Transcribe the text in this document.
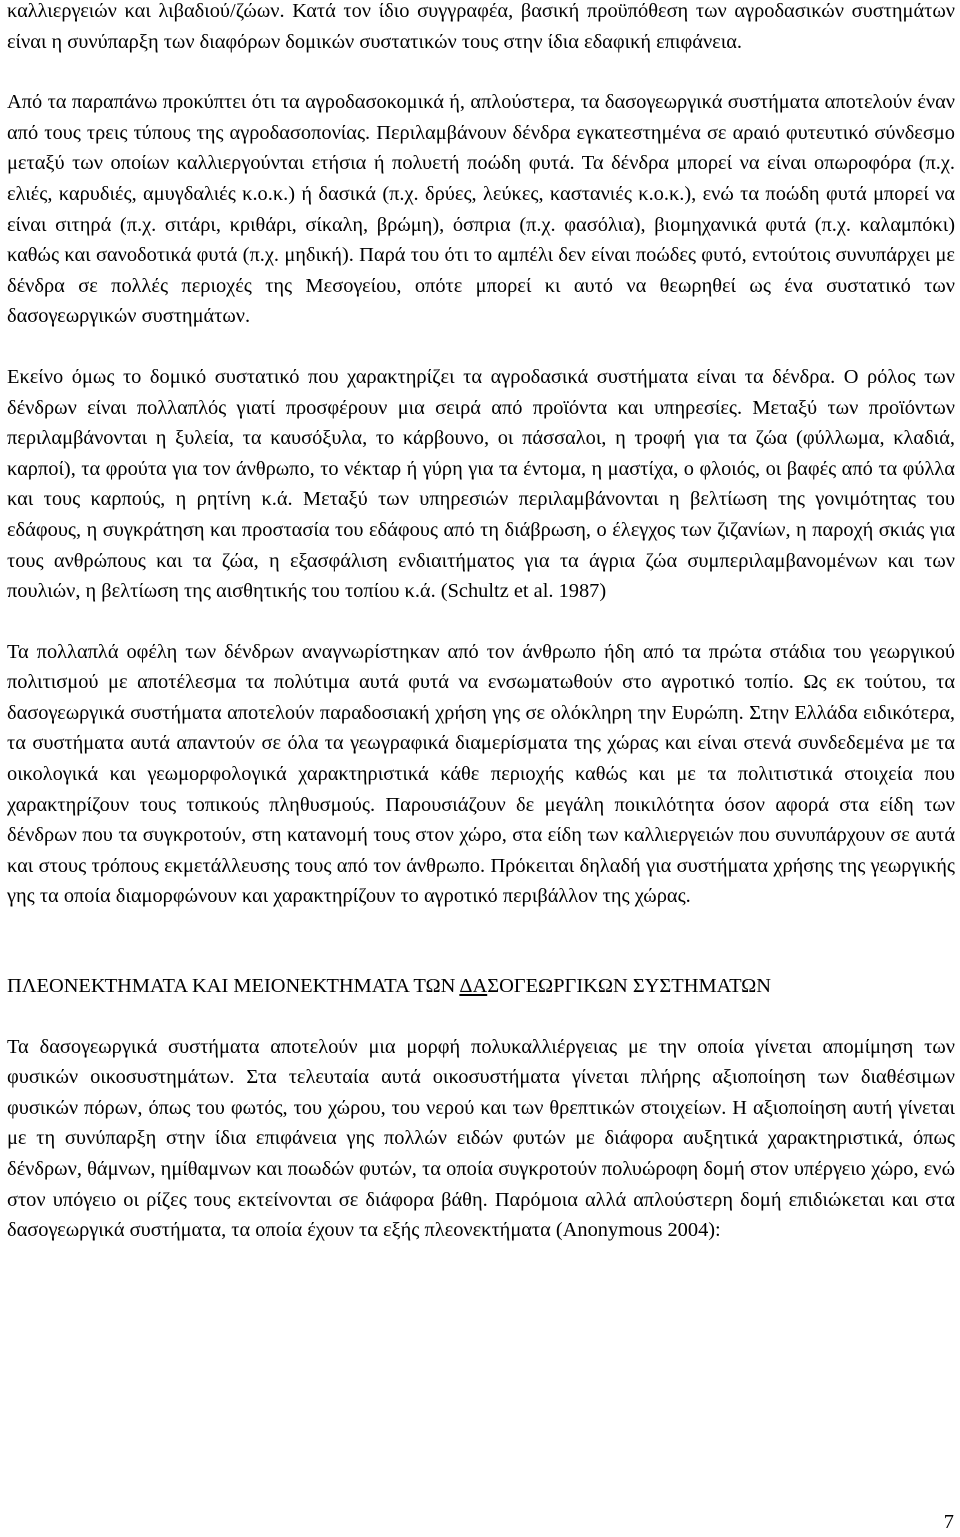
καλλιεργειών και λιβαδιού/ζώων. Κατά τον ίδιο συγγραφέα, βασική προϋπόθεση των αγροδασικών συστημάτων είναι η συνύπαρξη των διαφόρων δομικών συστατικών τους στην ίδια εδαφική επιφάνεια.

Από τα παραπάνω προκύπτει ότι τα αγροδασοκομικά ή, απλούστερα, τα δασογεωργικά συστήματα αποτελούν έναν από τους τρεις τύπους της αγροδασοπονίας. Περιλαμβάνουν δένδρα εγκατεστημένα σε αραιό φυτευτικό σύνδεσμο μεταξύ των οποίων καλλιεργούνται ετήσια ή πολυετή ποώδη φυτά. Τα δένδρα μπορεί να είναι οπωροφόρα (π.χ. ελιές, καρυδιές, αμυγδαλιές κ.ο.κ.) ή δασικά (π.χ. δρύες, λεύκες, καστανιές κ.ο.κ.), ενώ τα ποώδη φυτά μπορεί να είναι σιτηρά (π.χ. σιτάρι, κριθάρι, σίκαλη, βρώμη), όσπρια (π.χ. φασόλια), βιομηχανικά φυτά (π.χ. καλαμπόκι) καθώς και σανοδοτικά φυτά (π.χ. μηδική). Παρά του ότι το αμπέλι δεν είναι ποώδες φυτό, εντούτοις συνυπάρχει με δένδρα σε πολλές περιοχές της Μεσογείου, οπότε μπορεί κι αυτό να θεωρηθεί ως ένα συστατικό των δασογεωργικών συστημάτων.

Εκείνο όμως το δομικό συστατικό που χαρακτηρίζει τα αγροδασικά συστήματα είναι τα δένδρα. Ο ρόλος των δένδρων είναι πολλαπλός γιατί προσφέρουν μια σειρά από προϊόντα και υπηρεσίες. Μεταξύ των προϊόντων περιλαμβάνονται η ξυλεία, τα καυσόξυλα, το κάρβουνο, οι πάσσαλοι, η τροφή για τα ζώα (φύλλωμα, κλαδιά, καρποί), τα φρούτα για τον άνθρωπο, το νέκταρ ή γύρη για τα έντομα, η μαστίχα, ο φλοιός, οι βαφές από τα φύλλα και τους καρπούς, η ρητίνη κ.ά. Μεταξύ των υπηρεσιών περιλαμβάνονται η βελτίωση της γονιμότητας του εδάφους, η συγκράτηση και προστασία του εδάφους από τη διάβρωση, ο έλεγχος των ζιζανίων, η παροχή σκιάς για τους ανθρώπους και τα ζώα, η εξασφάλιση ενδιαιτήματος για τα άγρια ζώα συμπεριλαμβανομένων και των πουλιών, η βελτίωση της αισθητικής του τοπίου κ.ά. (Schultz et al. 1987)

Τα πολλαπλά οφέλη των δένδρων αναγνωρίστηκαν από τον άνθρωπο ήδη από τα πρώτα στάδια του γεωργικού πολιτισμού με αποτέλεσμα τα πολύτιμα αυτά φυτά να ενσωματωθούν στο αγροτικό τοπίο. Ως εκ τούτου, τα δασογεωργικά συστήματα αποτελούν παραδοσιακή χρήση γης σε ολόκληρη την Ευρώπη. Στην Ελλάδα ειδικότερα, τα συστήματα αυτά απαντούν σε όλα τα γεωγραφικά διαμερίσματα της χώρας και είναι στενά συνδεδεμένα με τα οικολογικά και γεωμορφολογικά χαρακτηριστικά κάθε περιοχής καθώς και με τα πολιτιστικά στοιχεία που χαρακτηρίζουν τους τοπικούς πληθυσμούς. Παρουσιάζουν δε μεγάλη ποικιλότητα όσον αφορά στα είδη των δένδρων που τα συγκροτούν, στη κατανομή τους στον χώρο, στα είδη των καλλιεργειών που συνυπάρχουν σε αυτά και στους τρόπους εκμετάλλευσης τους από τον άνθρωπο. Πρόκειται δηλαδή για συστήματα χρήσης της γεωργικής γης τα οποία διαμορφώνουν και χαρακτηρίζουν το αγροτικό περιβάλλον της χώρας.

ΠΛΕΟΝΕΚΤΗΜΑΤΑ ΚΑΙ ΜΕΙΟΝΕΚΤΗΜΑΤΑ ΤΩΝ ΔΑΣΟΓΕΩΡΓΙΚΩΝ ΣΥΣΤΗΜΑΤΩΝ

Τα δασογεωργικά συστήματα αποτελούν μια μορφή πολυκαλλιέργειας με την οποία γίνεται απομίμηση των φυσικών οικοσυστημάτων. Στα τελευταία αυτά οικοσυστήματα γίνεται πλήρης αξιοποίηση των διαθέσιμων φυσικών πόρων, όπως του φωτός, του χώρου, του νερού και των θρεπτικών στοιχείων. Η αξιοποίηση αυτή γίνεται με τη συνύπαρξη στην ίδια επιφάνεια γης πολλών ειδών φυτών με διάφορα αυξητικά χαρακτηριστικά, όπως δένδρων, θάμνων, ημίθαμνων και ποωδών φυτών, τα οποία συγκροτούν πολυώροφη δομή στον υπέργειο χώρο, ενώ στον υπόγειο οι ρίζες τους εκτείνονται σε διάφορα βάθη. Παρόμοια αλλά απλούστερη δομή επιδιώκεται και στα δασογεωργικά συστήματα, τα οποία έχουν τα εξής πλεονεκτήματα (Anonymous 2004):

7
